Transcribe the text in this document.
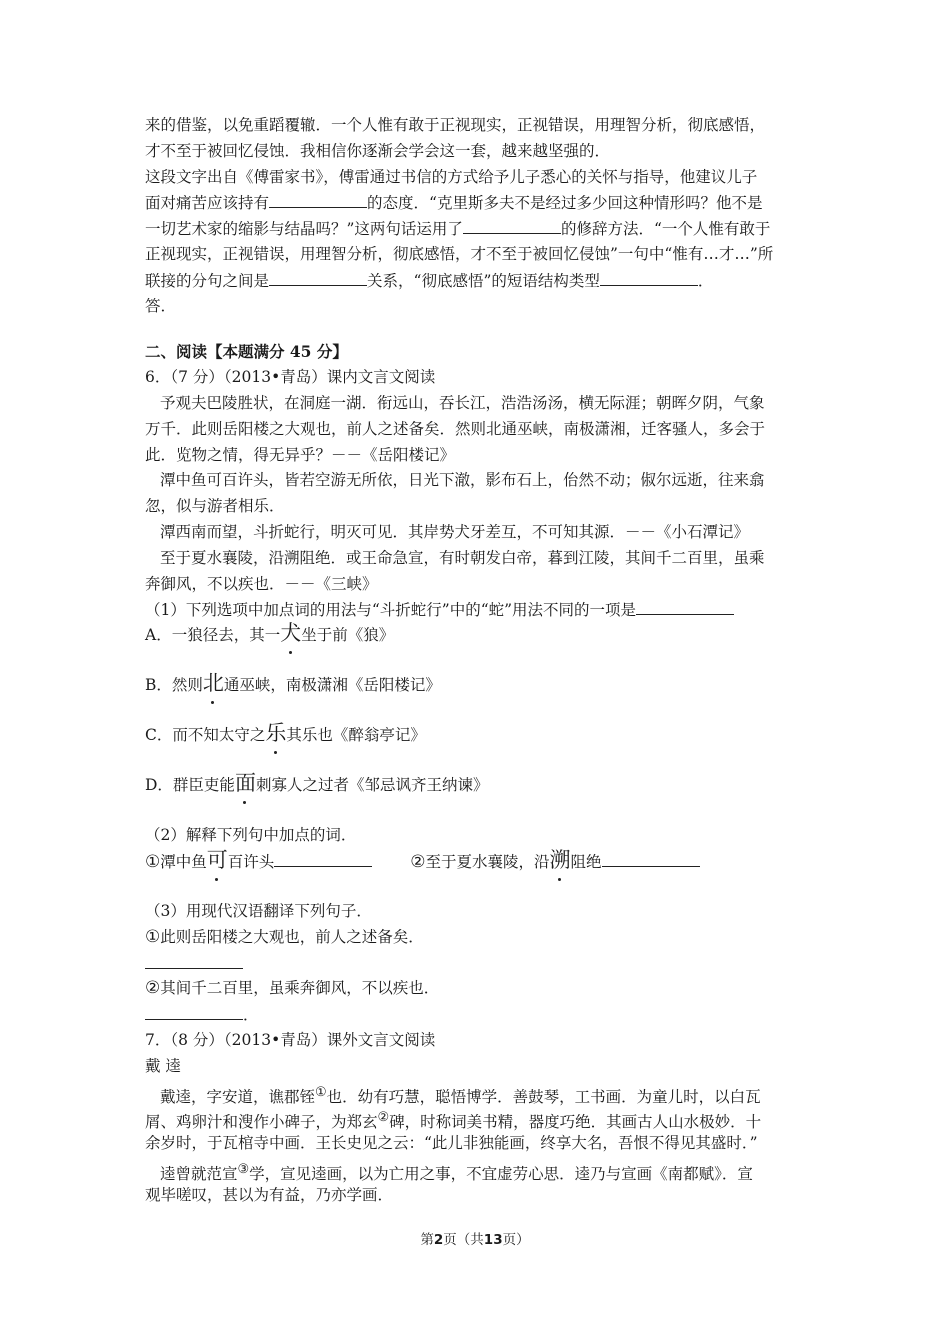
来的借鉴，以免重蹈覆辙．一个人惟有敢于正视现实，正视错误，用理智分析，彻底感悟，
才不至于被回忆侵蚀．我相信你逐渐会学会这一套，越来越坚强的．
这段文字出自《傅雷家书》，傅雷通过书信的方式给予儿子悉心的关怀与指导，他建议儿子
面对痛苦应该持有	的态度．“克里斯多夫不是经过多少回这种情形吗？他不是
一切艺术家的缩影与结晶吗？”这两句话运用了	的修辞方法．“一个人惟有敢于
正视现实，正视错误，用理智分析，彻底感悟，才不至于被回忆侵蚀”一句中“惟有…才…”所
联接的分句之间是	关系，“彻底感悟”的短语结构类型	．
答．
二、阅读【本题满分 45 分】
6．（7 分）（2013•青岛）课内文言文阅读
予观夫巴陵胜状，在洞庭一湖．衔远山，吞长江，浩浩汤汤，横无际涯；朝晖夕阴，气象
万千．此则岳阳楼之大观也，前人之述备矣．然则北通巫峡，南极潇湘，迁客骚人，多会于
此．览物之情，得无异乎？－－《岳阳楼记》
潭中鱼可百许头，皆若空游无所依，日光下澈，影布石上，佁然不动；俶尔远逝，往来翕
忽，似与游者相乐．
潭西南而望，斗折蛇行，明灭可见．其岸势犬牙差互，不可知其源．－－《小石潭记》
至于夏水襄陵，沿溯阻绝．或王命急宣，有时朝发白帝，暮到江陵，其间千二百里，虽乘
奔御风，不以疾也．－－《三峡》
（1）下列选项中加点词的用法与“斗折蛇行”中的“蛇”用法不同的一项是
A．一狼径去，其一犬
坐于前《狼》
B．然则北
通巫峡，南极潇湘《岳阳楼记》
C．而不知太守之乐
其乐也《醉翁亭记》
D．群臣吏能面
刺寡人之过者《邹忌讽齐王纳谏》
（2）解释下列句中加点的词．
①潭中鱼可
百许头	②至于夏水襄陵，沿溯
阻绝
（3）用现代汉语翻译下列句子．
①此则岳阳楼之大观也，前人之述备矣．
②其间千二百里，虽乘奔御风，不以疾也．
．
7．（8 分）（2013•青岛）课外文言文阅读
戴 逵
戴逵，字安道，谯郡铚①也．幼有巧慧，聪悟博学．善鼓琴，工书画．为童儿时，以白瓦
屑、鸡卵汁和溲作小碑子，为郑玄②碑，时称词美书精，器度巧绝．其画古人山水极妙．十
余岁时，于瓦棺寺中画．王长史见之云：“此儿非独能画，终享大名，吾恨不得见其盛时．”
逵曾就范宣③学，宣见逵画，以为亡用之事，不宜虚劳心思．逵乃与宣画《南都赋》．宣
观毕嗟叹，甚以为有益，乃亦学画．
第2页（共13页）
